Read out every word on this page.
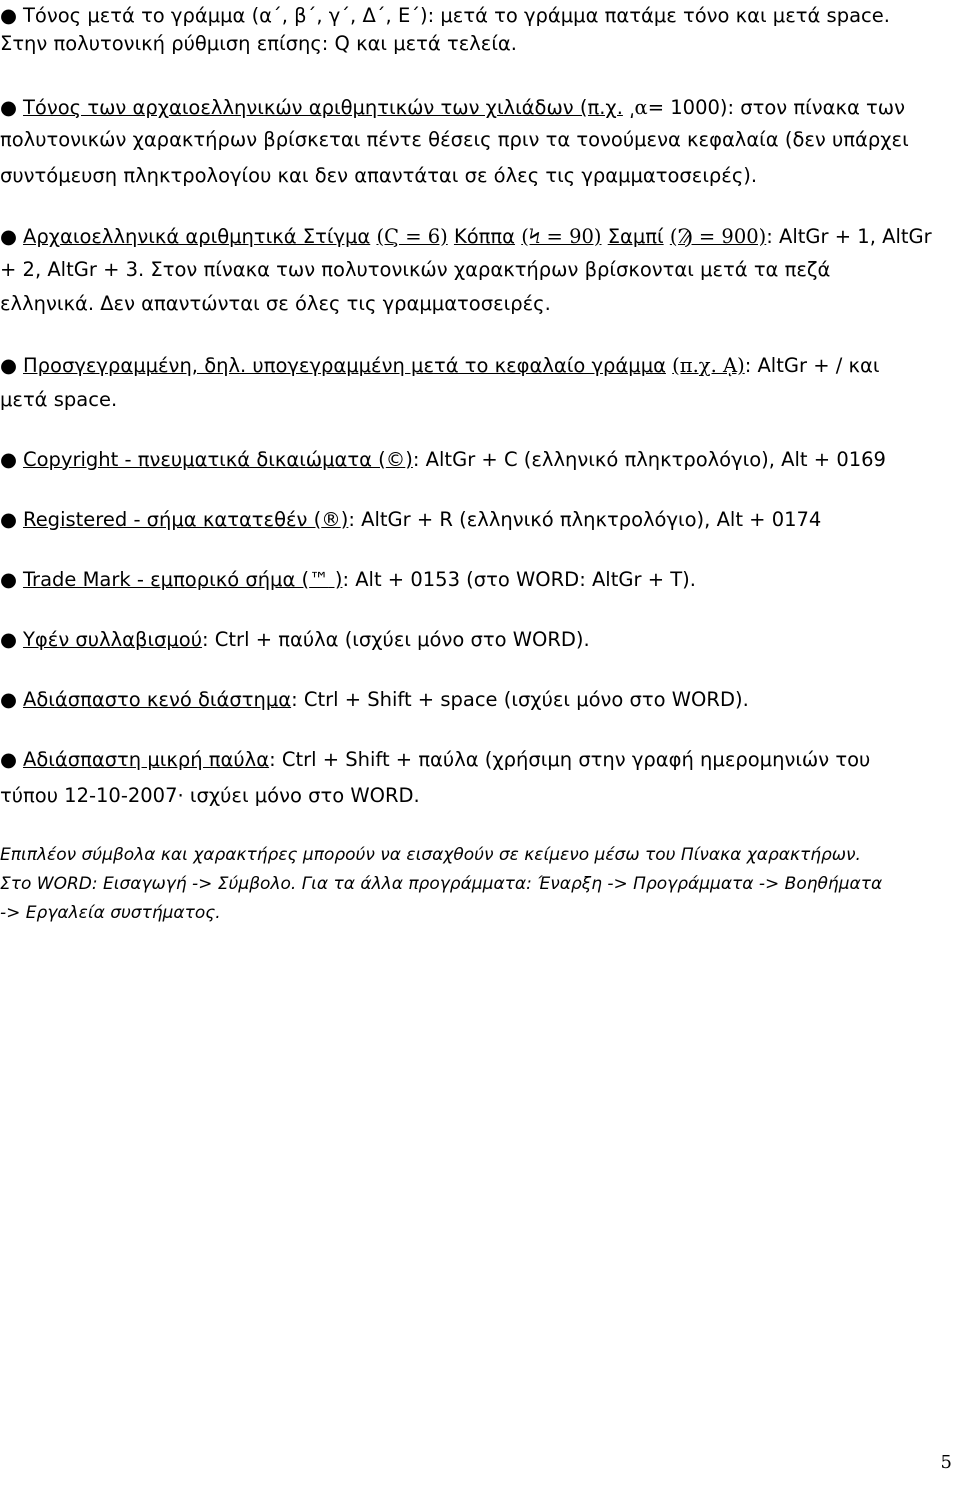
● Τόνος μετά το γράμμα (α΄, β΄, γ΄, Δ΄, Ε΄): μετά το γράμμα πατάμε τόνο και μετά space.

Στην πολυτονική ρύθμιση επίσης: Q και μετά τελεία.

● Τόνος των αρχαιοελληνικών αριθμητικών των χιλιάδων (π.χ. ͵α= 1000): στον πίνακα των

πολυτονικών χαρακτήρων βρίσκεται πέντε θέσεις πριν τα τονούμενα κεφαλαία (δεν υπάρχει

συντόμευση πληκτρολογίου και δεν απαντάται σε όλες τις γραμματοσειρές).

● Αρχαιοελληνικά αριθμητικά Στίγμα (Ϛ = 6) Κόππα (Ϟ = 90) Σαμπί (Ϡ = 900): AltGr + 1, AltGr

+ 2, AltGr + 3. Στον πίνακα των πολυτονικών χαρακτήρων βρίσκονται μετά τα πεζά

ελληνικά. Δεν απαντώνται σε όλες τις γραμματοσειρές.

● Προσγεγραμμένη, δηλ. υπογεγραμμένη μετά το κεφαλαίο γράμμα (π.χ. ᾼ): AltGr + / και

μετά space.

● Copyright - πνευματικά δικαιώματα (©): AltGr + C (ελληνικό πληκτρολόγιο), Alt + 0169

● Registered - σήμα κατατεθέν (®): AltGr + R (ελληνικό πληκτρολόγιο), Alt + 0174

● Trade Mark - εμπορικό σήμα (™ ): Alt + 0153 (στο WORD: AltGr + T).

● Υφέν συλλαβισμού: Ctrl + παύλα (ισχύει μόνο στο WORD).

● Αδιάσπαστο κενό διάστημα: Ctrl + Shift + space (ισχύει μόνο στο WORD).

● Αδιάσπαστη μικρή παύλα: Ctrl + Shift + παύλα (χρήσιμη στην γραφή ημερομηνιών του

τύπου 12-10-2007· ισχύει μόνο στο WORD.

Επιπλέον σύμβολα και χαρακτήρες μπορούν να εισαχθούν σε κείμενο μέσω του Πίνακα χαρακτήρων.

Στο WORD: Εισαγωγή -> Σύμβολο. Για τα άλλα προγράμματα: Έναρξη -> Προγράμματα -> Βοηθήματα

-> Εργαλεία συστήματος.

5
